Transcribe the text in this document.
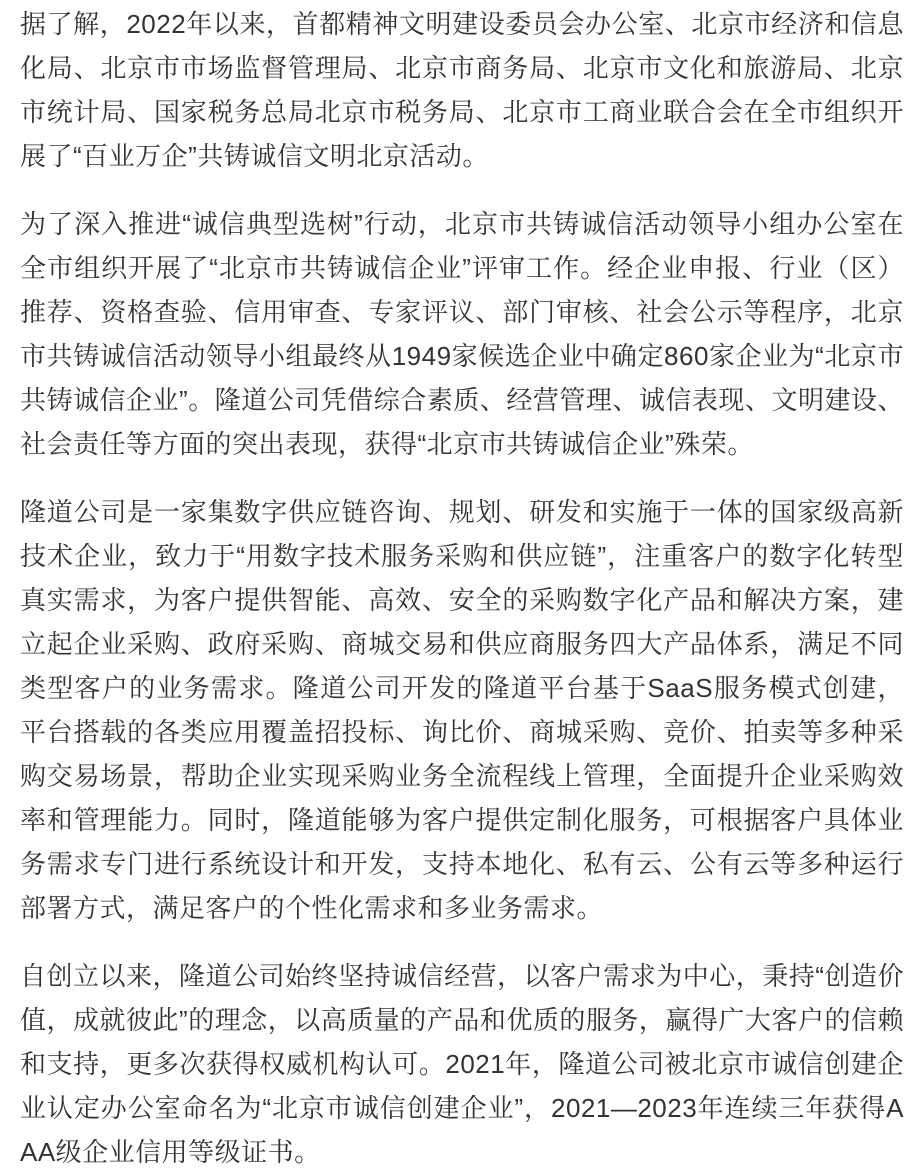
据了解，2022年以来，首都精神文明建设委员会办公室、北京市经济和信息化局、北京市市场监督管理局、北京市商务局、北京市文化和旅游局、北京市统计局、国家税务总局北京市税务局、北京市工商业联合会在全市组织开展了“百业万企”共铸诚信文明北京活动。

为了深入推进“诚信典型选树”行动，北京市共铸诚信活动领导小组办公室在全市组织开展了“北京市共铸诚信企业”评审工作。经企业申报、行业（区）推荐、资格查验、信用审查、专家评议、部门审核、社会公示等程序，北京市共铸诚信活动领导小组最终从1949家候选企业中确定860家企业为“北京市共铸诚信企业”。隆道公司凭借综合素质、经营管理、诚信表现、文明建设、社会责任等方面的突出表现，获得“北京市共铸诚信企业”殊荣。

隆道公司是一家集数字供应链咨询、规划、研发和实施于一体的国家级高新技术企业，致力于“用数字技术服务采购和供应链”，注重客户的数字化转型真实需求，为客户提供智能、高效、安全的采购数字化产品和解决方案，建立起企业采购、政府采购、商城交易和供应商服务四大产品体系，满足不同类型客户的业务需求。隆道公司开发的隆道平台基于SaaS服务模式创建，平台搭载的各类应用覆盖招投标、询比价、商城采购、竞价、拍卖等多种采购交易场景，帮助企业实现采购业务全流程线上管理，全面提升企业采购效率和管理能力。同时，隆道能够为客户提供定制化服务，可根据客户具体业务需求专门进行系统设计和开发，支持本地化、私有云、公有云等多种运行部署方式，满足客户的个性化需求和多业务需求。

自创立以来，隆道公司始终坚持诚信经营，以客户需求为中心，秉持“创造价值，成就彼此”的理念，以高质量的产品和优质的服务，赢得广大客户的信赖和支持，更多次获得权威机构认可。2021年，隆道公司被北京市诚信创建企业认定办公室命名为“北京市诚信创建企业”，2021—2023年连续三年获得AAA级企业信用等级证书。
